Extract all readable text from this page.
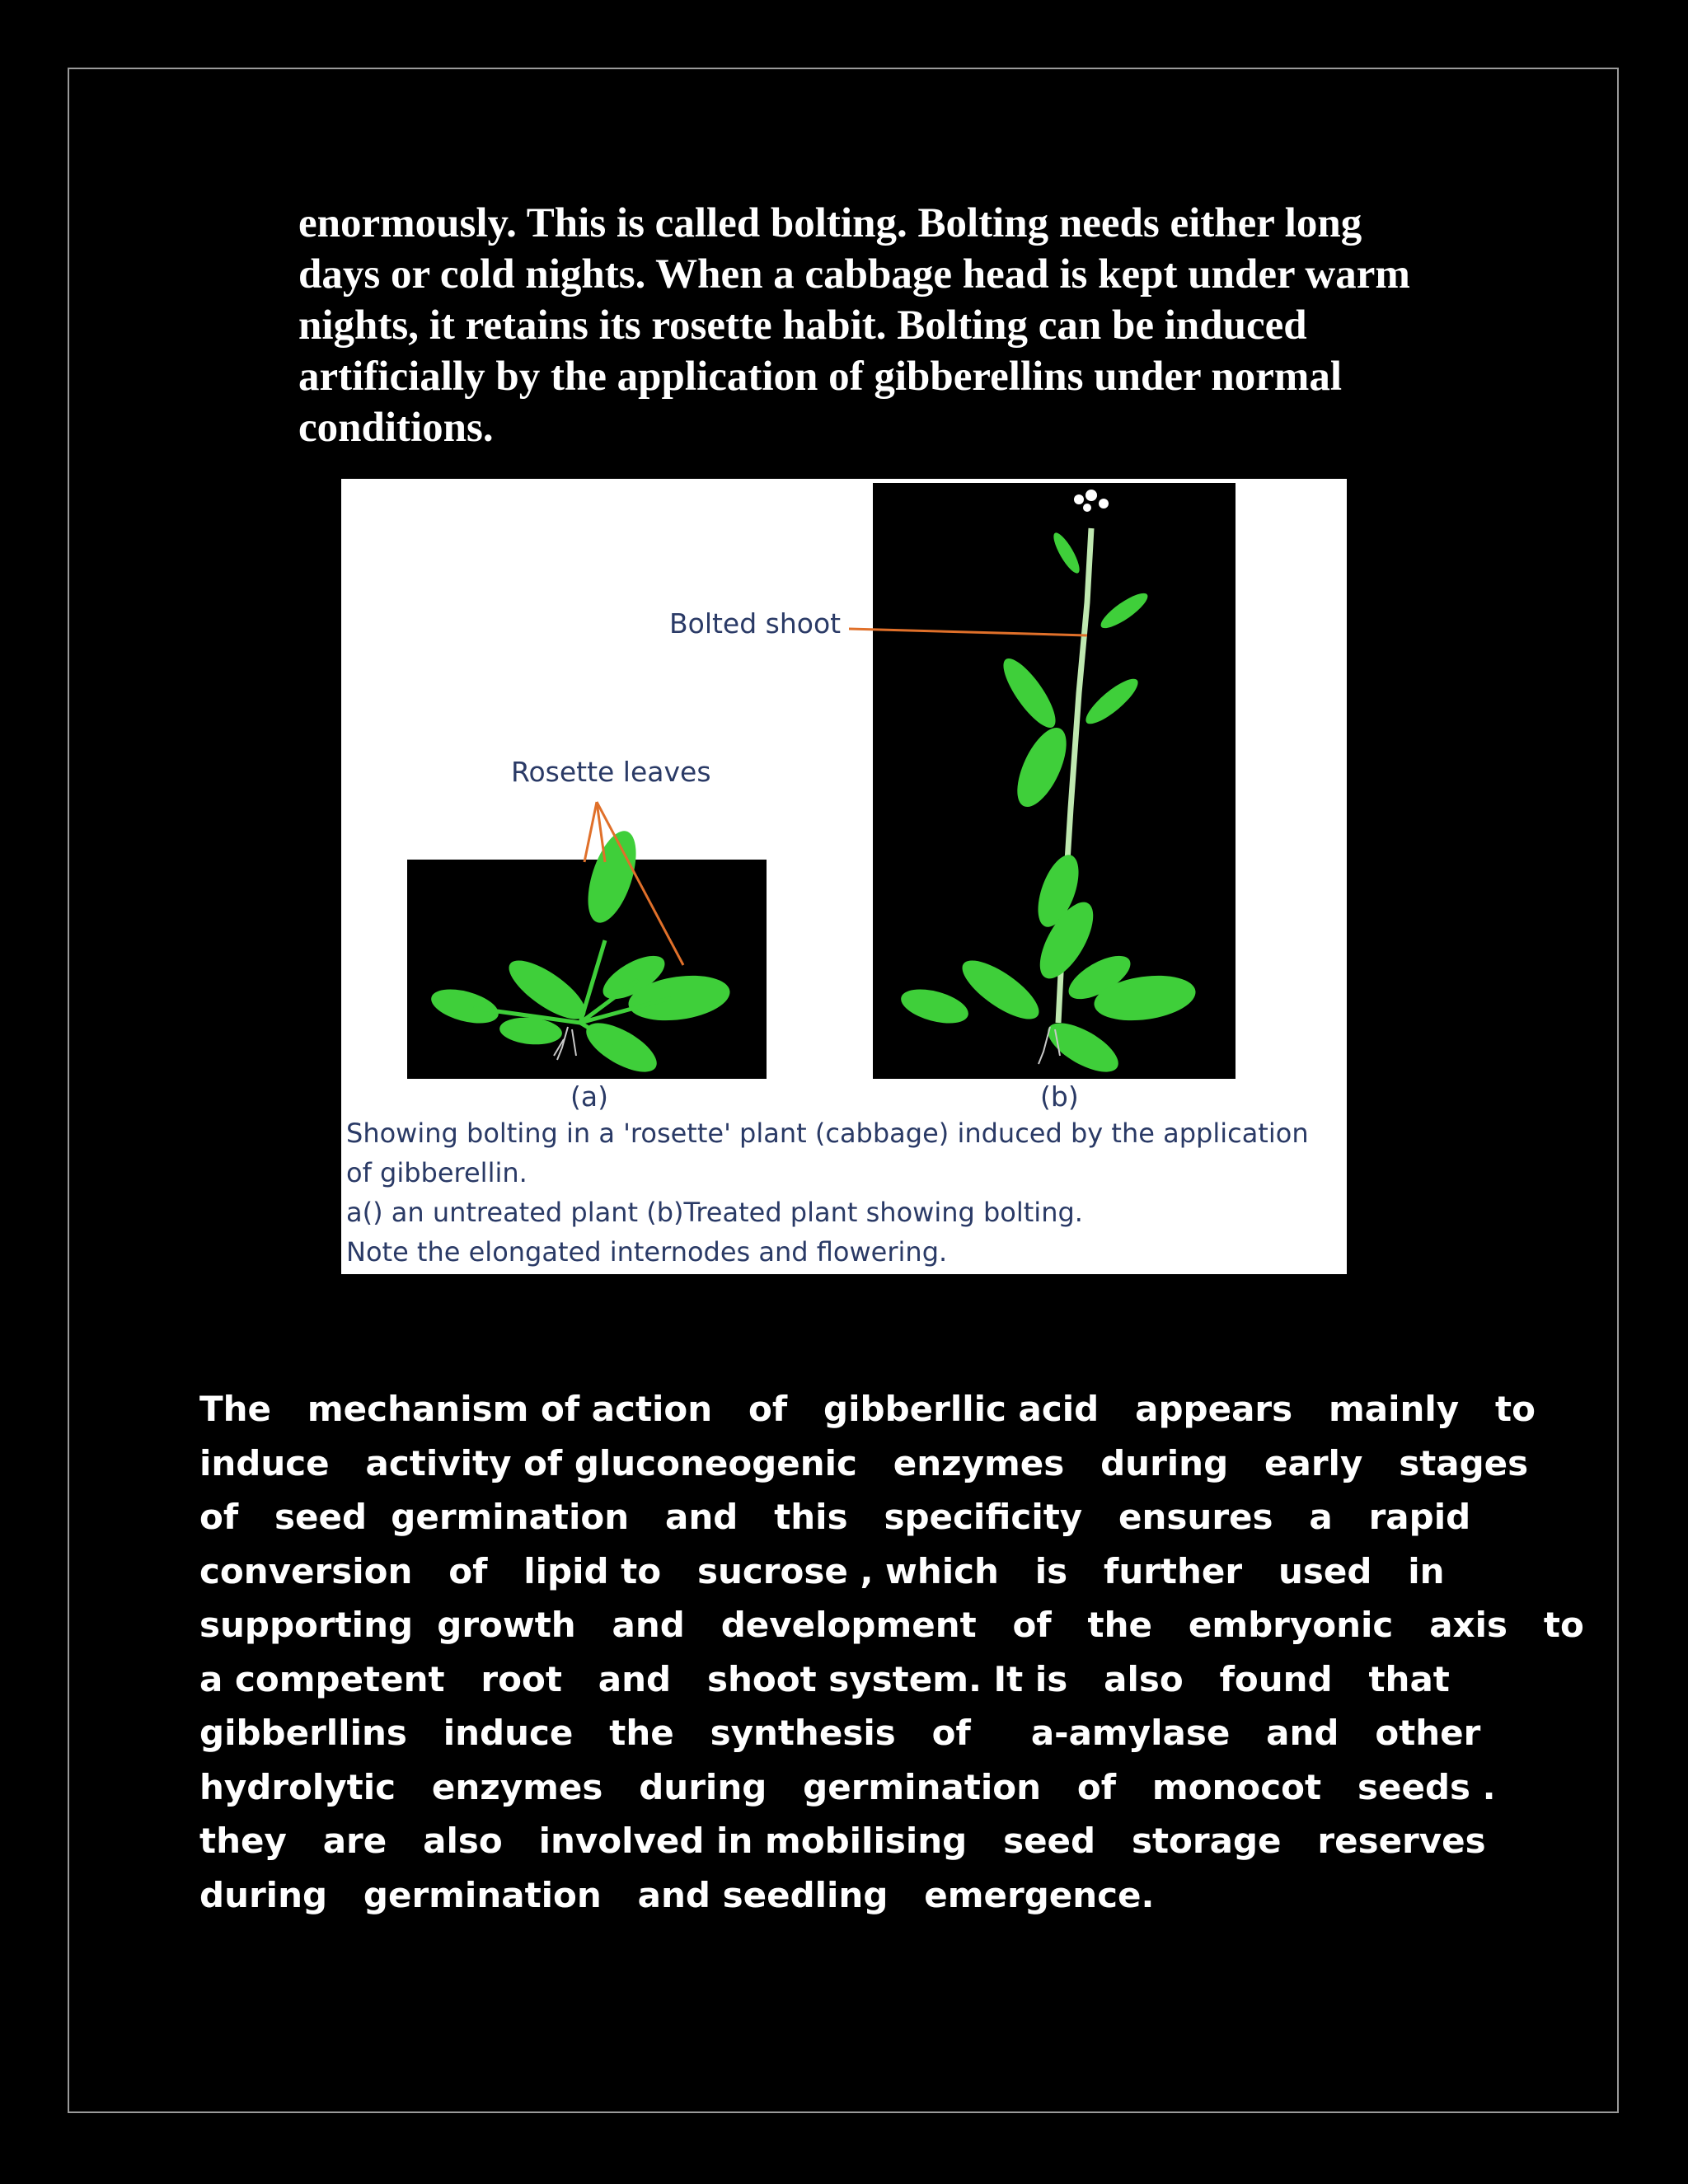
enormously. This is called bolting. Bolting needs either long
days or cold nights. When a cabbage head is kept under warm
nights, it retains its rosette habit. Bolting can be induced
artificially by the application of gibberellins under normal
conditions.

Bolted shoot

Rosette leaves

(a)	(b)

Showing bolting in a 'rosette' plant (cabbage) induced by the application
of gibberellin.
a() an untreated plant (b)Treated plant showing bolting.
Note the elongated internodes and flowering.

The   mechanism of action   of   gibberllic acid   appears   mainly   to
induce   activity of gluconeogenic   enzymes   during   early   stages
of   seed  germination   and   this   specificity   ensures   a   rapid
conversion   of   lipid to   sucrose , which   is   further   used   in
supporting  growth   and   development   of   the   embryonic   axis   to
a competent   root   and   shoot system. It is   also   found   that
gibberllins   induce   the   synthesis   of     a-amylase   and   other
hydrolytic   enzymes   during   germination   of   monocot   seeds .
they   are   also   involved in mobilising   seed   storage   reserves
during   germination   and seedling   emergence.
